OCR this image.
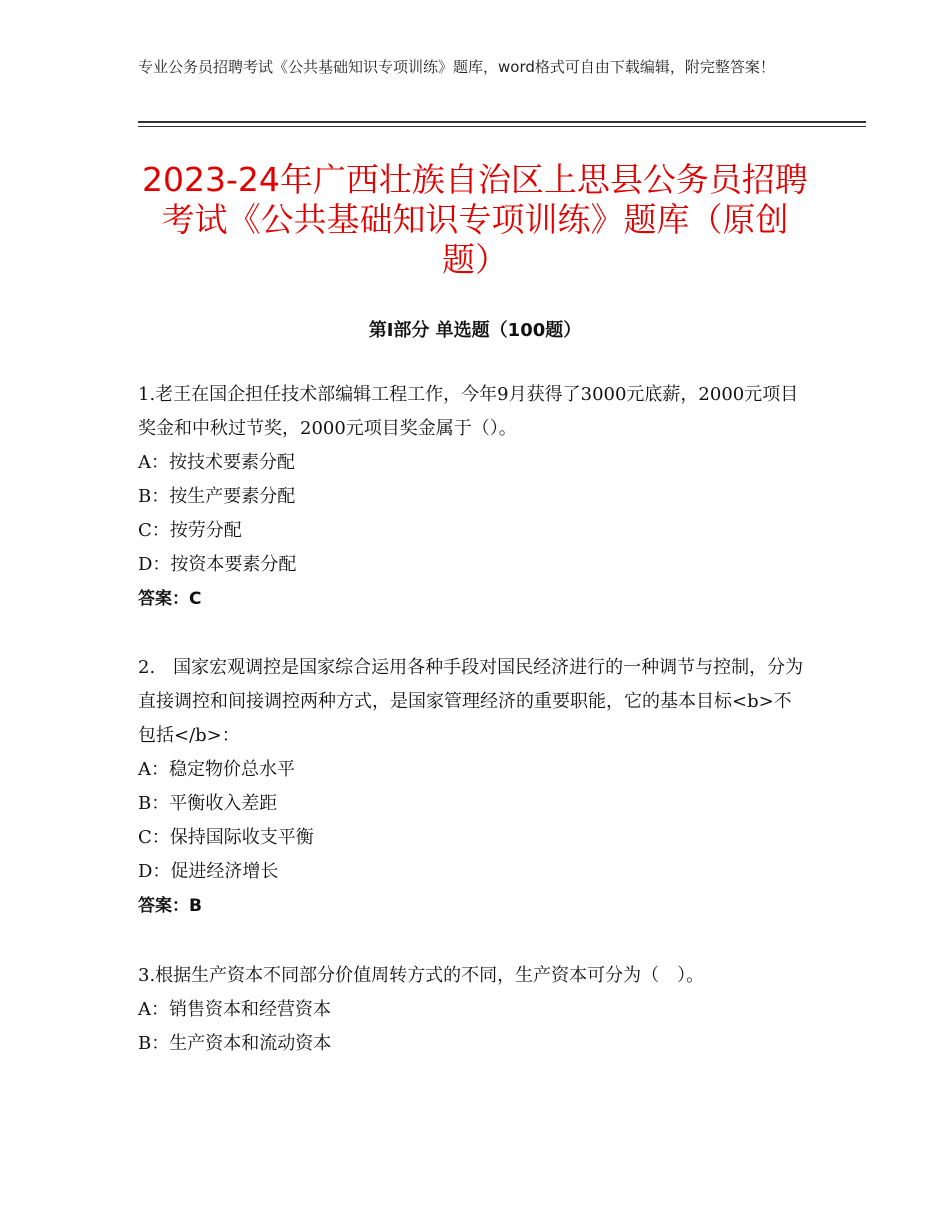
专业公务员招聘考试《公共基础知识专项训练》题库，word格式可自由下载编辑，附完整答案！
2023-24年广西壮族自治区上思县公务员招聘考试《公共基础知识专项训练》题库（原创题）
第Ⅰ部分 单选题（100题）

1.老王在国企担任技术部编辑工程工作，今年9月获得了3000元底薪，2000元项目奖金和中秋过节奖，2000元项目奖金属于（）。

A：按技术要素分配

B：按生产要素分配

C：按劳分配

D：按资本要素分配

答案：C

2.　国家宏观调控是国家综合运用各种手段对国民经济进行的一种调节与控制，分为直接调控和间接调控两种方式，是国家管理经济的重要职能，它的基本目标<b>不包括</b>：

A：稳定物价总水平

B：平衡收入差距

C：保持国际收支平衡

D：促进经济增长

答案：B

3.根据生产资本不同部分价值周转方式的不同，生产资本可分为（　）。

A：销售资本和经营资本

B：生产资本和流动资本
